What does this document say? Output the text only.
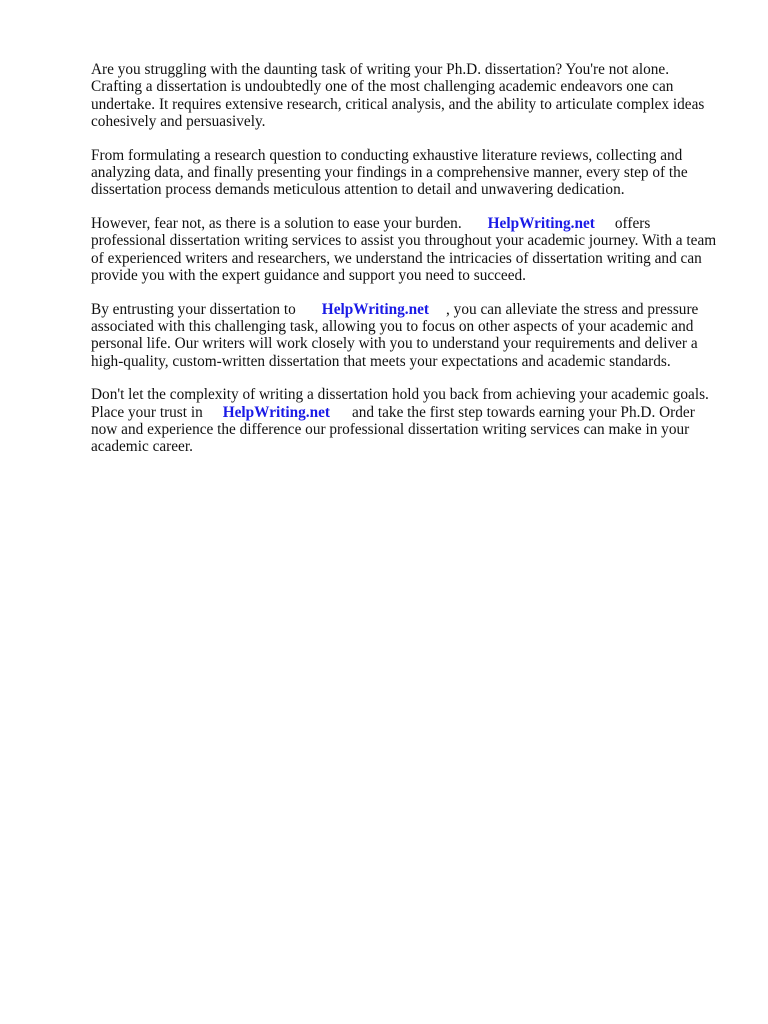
Are you struggling with the daunting task of writing your Ph.D. dissertation? You're not alone. Crafting a dissertation is undoubtedly one of the most challenging academic endeavors one can undertake. It requires extensive research, critical analysis, and the ability to articulate complex ideas cohesively and persuasively.

From formulating a research question to conducting exhaustive literature reviews, collecting and analyzing data, and finally presenting your findings in a comprehensive manner, every step of the dissertation process demands meticulous attention to detail and unwavering dedication.

However, fear not, as there is a solution to ease your burden. HelpWriting.net offers professional dissertation writing services to assist you throughout your academic journey. With a team of experienced writers and researchers, we understand the intricacies of dissertation writing and can provide you with the expert guidance and support you need to succeed.

By entrusting your dissertation to HelpWriting.net , you can alleviate the stress and pressure associated with this challenging task, allowing you to focus on other aspects of your academic and personal life. Our writers will work closely with you to understand your requirements and deliver a high-quality, custom-written dissertation that meets your expectations and academic standards.

Don't let the complexity of writing a dissertation hold you back from achieving your academic goals. Place your trust in HelpWriting.net and take the first step towards earning your Ph.D. Order now and experience the difference our professional dissertation writing services can make in your academic career.
